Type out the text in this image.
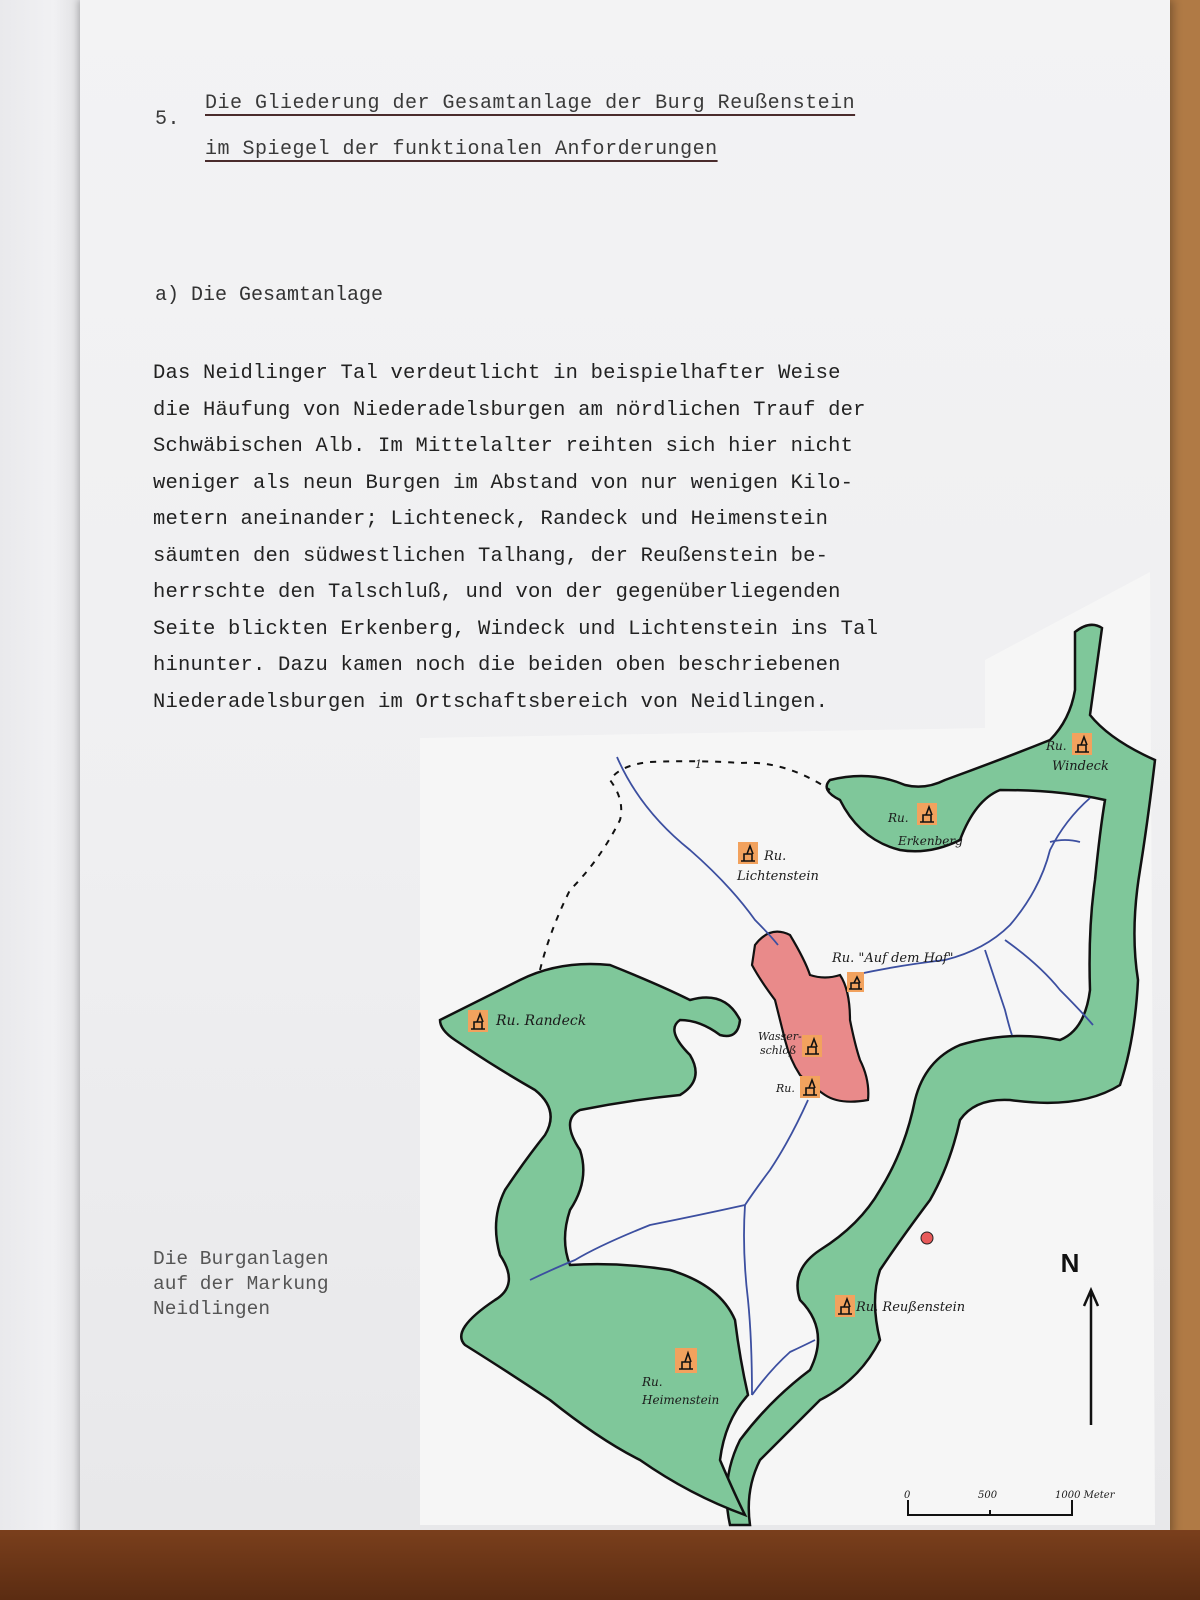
5.
Die Gliederung der Gesamtanlage der Burg Reußenstein
im Spiegel der funktionalen Anforderungen
a) Die Gesamtanlage
Das Neidlinger Tal verdeutlicht in beispielhafter Weise
die Häufung von Niederadelsburgen am nördlichen Trauf der
Schwäbischen Alb. Im Mittelalter reihten sich hier nicht
weniger als neun Burgen im Abstand von nur wenigen Kilo-
metern aneinander; Lichteneck, Randeck und Heimenstein
säumten den südwestlichen Talhang, der Reußenstein be-
herrschte den Talschluß, und von der gegenüberliegenden
Seite blickten Erkenberg, Windeck und Lichtenstein ins Tal
hinunter. Dazu kamen noch die beiden oben beschriebenen
Niederadelsburgen im Ortschaftsbereich von Neidlingen.
Die Burganlagen
auf der Markung
Neidlingen
Ru.
Windeck
Ru.
Erkenberg
Ru.
Lichtenstein
Ru. "Auf dem Hof"
Ru. Randeck
Wasser-
schloß
Ru.
Ru. Reußenstein
Ru.
Heimenstein
1
N
0	500	1000 Meter
